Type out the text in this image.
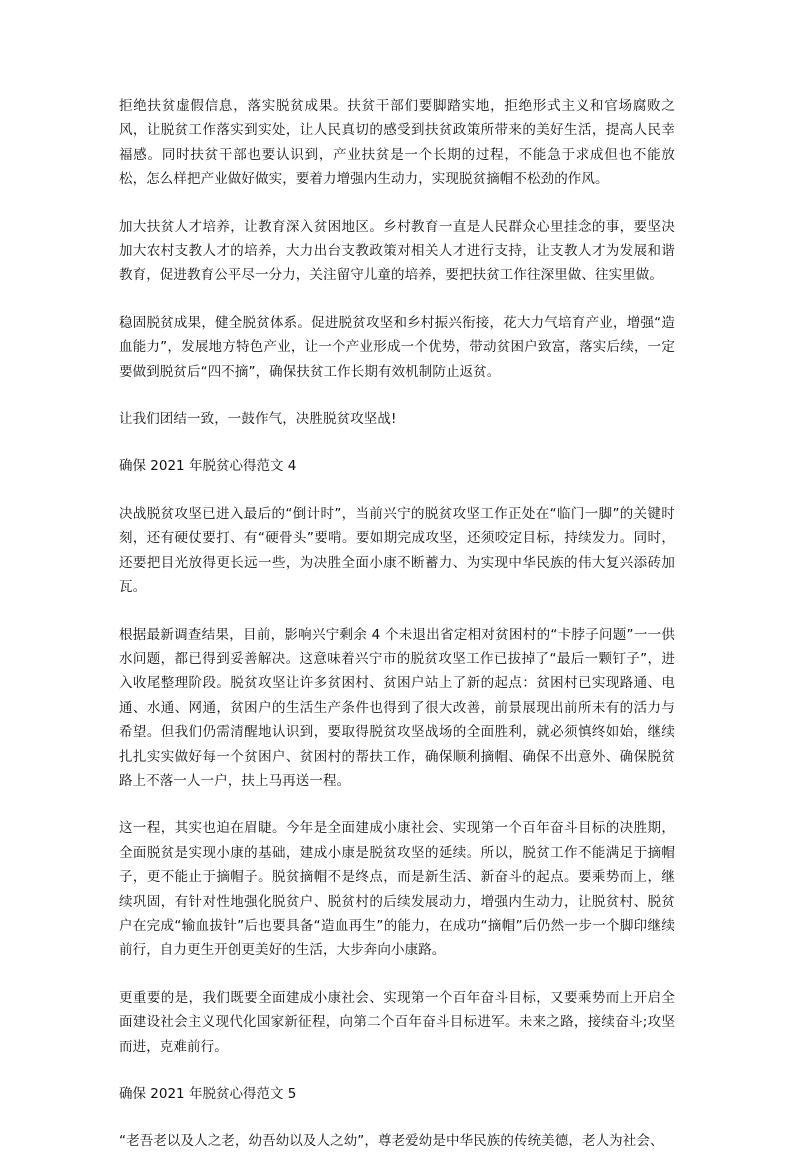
拒绝扶贫虚假信息，落实脱贫成果。扶贫干部们要脚踏实地，拒绝形式主义和官场腐败之风，让脱贫工作落实到实处，让人民真切的感受到扶贫政策所带来的美好生活，提高人民幸福感。同时扶贫干部也要认识到，产业扶贫是一个长期的过程，不能急于求成但也不能放松，怎么样把产业做好做实，要着力增强内生动力，实现脱贫摘帽不松劲的作风。

加大扶贫人才培养，让教育深入贫困地区。乡村教育一直是人民群众心里挂念的事，要坚决加大农村支教人才的培养，大力出台支教政策对相关人才进行支持，让支教人才为发展和谐教育，促进教育公平尽一分力，关注留守儿童的培养，要把扶贫工作往深里做、往实里做。

稳固脱贫成果，健全脱贫体系。促进脱贫攻坚和乡村振兴衔接，花大力气培育产业，增强“造血能力”，发展地方特色产业，让一个产业形成一个优势，带动贫困户致富，落实后续，一定要做到脱贫后“四不摘”，确保扶贫工作长期有效机制防止返贫。

让我们团结一致，一鼓作气，决胜脱贫攻坚战!

确保 2021 年脱贫心得范文 4

决战脱贫攻坚已进入最后的“倒计时”，当前兴宁的脱贫攻坚工作正处在“临门一脚”的关键时刻，还有硬仗要打、有“硬骨头”要啃。要如期完成攻坚，还须咬定目标，持续发力。同时，还要把目光放得更长远一些，为决胜全面小康不断蓄力、为实现中华民族的伟大复兴添砖加瓦。

根据最新调查结果，目前，影响兴宁剩余 4 个未退出省定相对贫困村的“卡脖子问题”一一供水问题，都已得到妥善解决。这意味着兴宁市的脱贫攻坚工作已拔掉了“最后一颗钉子”，进入收尾整理阶段。脱贫攻坚让许多贫困村、贫困户站上了新的起点：贫困村已实现路通、电通、水通、网通，贫困户的生活生产条件也得到了很大改善，前景展现出前所未有的活力与希望。但我们仍需清醒地认识到，要取得脱贫攻坚战场的全面胜利，就必须慎终如始，继续扎扎实实做好每一个贫困户、贫困村的帮扶工作，确保顺利摘帽、确保不出意外、确保脱贫路上不落一人一户，扶上马再送一程。

这一程，其实也迫在眉睫。今年是全面建成小康社会、实现第一个百年奋斗目标的决胜期，全面脱贫是实现小康的基础，建成小康是脱贫攻坚的延续。所以，脱贫工作不能满足于摘帽子，更不能止于摘帽子。脱贫摘帽不是终点，而是新生活、新奋斗的起点。要乘势而上，继续巩固，有针对性地强化脱贫户、脱贫村的后续发展动力，增强内生动力，让脱贫村、脱贫户在完成“输血拔针”后也要具备“造血再生”的能力，在成功“摘帽”后仍然一步一个脚印继续前行，自力更生开创更美好的生活，大步奔向小康路。

更重要的是，我们既要全面建成小康社会、实现第一个百年奋斗目标，又要乘势而上开启全面建设社会主义现代化国家新征程，向第二个百年奋斗目标进军。未来之路，接续奋斗;攻坚而进，克难前行。

确保 2021 年脱贫心得范文 5

“老吾老以及人之老，幼吾幼以及人之幼”，尊老爱幼是中华民族的传统美德，老人为社会、
